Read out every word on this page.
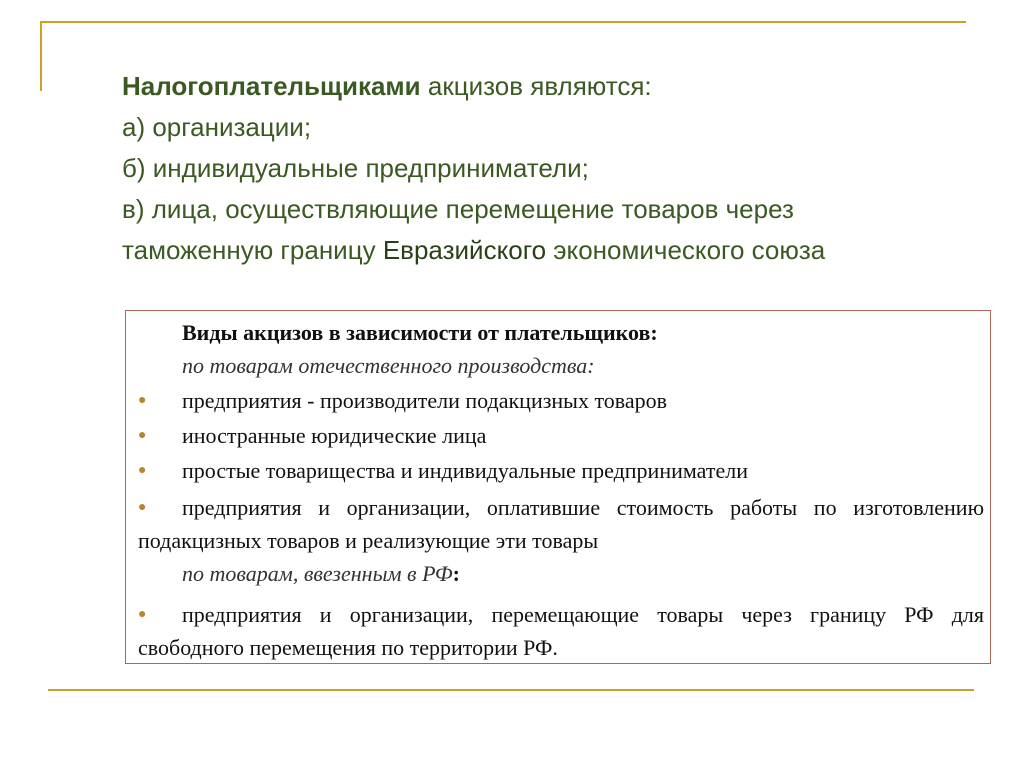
Налогоплательщиками акцизов являются:
а) организации;
б) индивидуальные предприниматели;
в) лица, осуществляющие перемещение товаров через
таможенную границу Евразийского экономического союза
Виды акцизов в зависимости от плательщиков:
по товарам отечественного производства:
● предприятия - производители подакцизных товаров
● иностранные юридические лица
● простые товарищества и индивидуальные предприниматели
●	предприятия и организации, оплатившие стоимость работы по изготовлению подакцизных товаров и реализующие эти товары
по товарам, ввезенным в РФ:
●	предприятия и организации, перемещающие товары через границу РФ для свободного перемещения по территории РФ.
